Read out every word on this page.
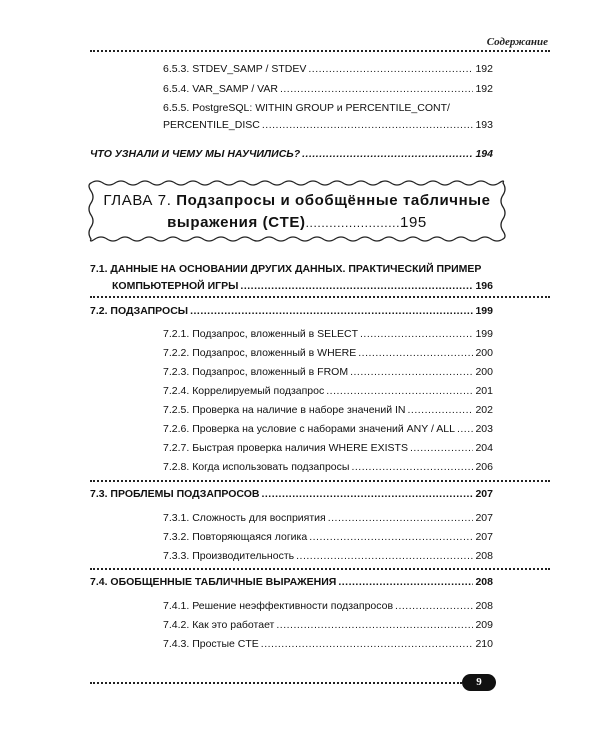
Содержание
6.5.3. STDEV_SAMP / STDEV .....	192
6.5.4. VAR_SAMP / VAR .....	192
6.5.5. PostgreSQL: WITHIN GROUP и PERCENTILE_CONT/
PERCENTILE_DISC .....	193
ЧТО УЗНАЛИ И ЧЕМУ МЫ НАУЧИЛИСЬ? .....	194
ГЛАВА 7. Подзапросы и обобщённые табличные
выражения (CTE)........................195
7.1. ДАННЫЕ НА ОСНОВАНИИ ДРУГИХ ДАННЫХ. ПРАКТИЧЕСКИЙ ПРИМЕР
КОМПЬЮТЕРНОЙ ИГРЫ .....	196
7.2. ПОДЗАПРОСЫ .....	199
7.2.1. Подзапрос, вложенный в SELECT .....	199
7.2.2. Подзапрос, вложенный в WHERE .....	200
7.2.3. Подзапрос, вложенный в FROM .....	200
7.2.4. Коррелируемый подзапрос .....	201
7.2.5. Проверка на наличие в наборе значений IN .....	202
7.2.6. Проверка на условие с наборами значений ANY / ALL ..... 203
7.2.7. Быстрая проверка наличия WHERE EXISTS .....	204
7.2.8. Когда использовать подзапросы .....	206
7.3. ПРОБЛЕМЫ ПОДЗАПРОСОВ .....	207
7.3.1. Сложность для восприятия .....	207
7.3.2. Повторяющаяся логика .....	207
7.3.3. Производительность .....	208
7.4. ОБОБЩЕННЫЕ ТАБЛИЧНЫЕ ВЫРАЖЕНИЯ .....	208
7.4.1. Решение неэффективности подзапросов .....	208
7.4.2. Как это работает .....	209
7.4.3. Простые CTE .....	210
9
